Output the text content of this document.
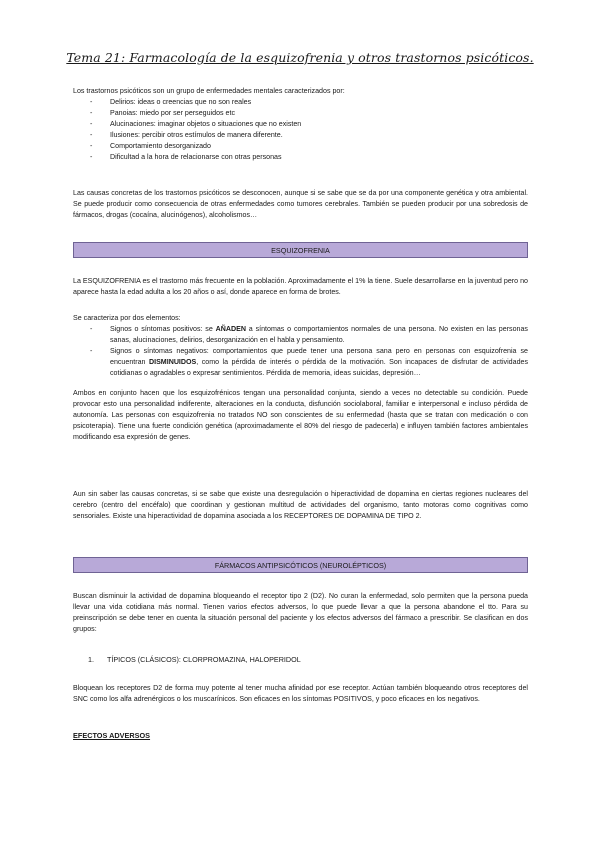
Tema 21: Farmacología de la esquizofrenia y otros trastornos psicóticos.
Los trastornos psicóticos son un grupo de enfermedades mentales caracterizados por:
- Delirios: ideas o creencias que no son reales
- Panoias: miedo por ser perseguidos etc
- Alucinaciones: imaginar objetos o situaciones que no existen
- Ilusiones: percibir otros estímulos de manera diferente.
- Comportamiento desorganizado
- Dificultad a la hora de relacionarse con otras personas
Las causas concretas de los trastornos psicóticos se desconocen, aunque si se sabe que se da por una componente genética y otra ambiental. Se puede producir como consecuencia de otras enfermedades como tumores cerebrales. También se pueden producir por una sobredosis de fármacos, drogas (cocaína, alucinógenos), alcoholismos…
ESQUIZOFRENIA
La ESQUIZOFRENIA es el trastorno más frecuente en la población. Aproximadamente el 1% la tiene. Suele desarrollarse en la juventud pero no aparece hasta la edad adulta a los 20 años o así, donde aparece en forma de brotes.
Se caracteriza por dos elementos:
- Signos o síntomas positivos: se AÑADEN a síntomas o comportamientos normales de una persona. No existen en las personas sanas, alucinaciones, delirios, desorganización en el habla y pensamiento.
- Signos o síntomas negativos: comportamientos que puede tener una persona sana pero en personas con esquizofrenia se encuentran DISMINUIDOS, como la pérdida de interés o pérdida de la motivación. Son incapaces de disfrutar de actividades cotidianas o agradables o expresar sentimientos. Pérdida de memoria, ideas suicidas, depresión…
Ambos en conjunto hacen que los esquizofrénicos tengan una personalidad conjunta, siendo a veces no detectable su condición. Puede provocar esto una personalidad indiferente, alteraciones en la conducta, disfunción sociolaboral, familiar e interpersonal e incluso pérdida de autonomía. Las personas con esquizofrenia no tratados NO son conscientes de su enfermedad (hasta que se tratan con medicación o con psicoterapia). Tiene una fuerte condición genética (aproximadamente el 80% del riesgo de padecerla) e influyen también factores ambientales modificando esa expresión de genes.
Aun sin saber las causas concretas, si se sabe que existe una desregulación o hiperactividad de dopamina en ciertas regiones nucleares del cerebro (centro del encéfalo) que coordinan y gestionan multitud de actividades del organismo, tanto motoras como cognitivas como sensoriales. Existe una hiperactividad de dopamina asociada a los RECEPTORES DE DOPAMINA DE TIPO 2.
FÁRMACOS ANTIPSICÓTICOS (NEUROLÉPTICOS)
Buscan disminuir la actividad de dopamina bloqueando el receptor tipo 2 (D2). No curan la enfermedad, solo permiten que la persona pueda llevar una vida cotidiana más normal. Tienen varios efectos adversos, lo que puede llevar a que la persona abandone el tto. Para su preinscripción se debe tener en cuenta la situación personal del paciente y los efectos adversos del fármaco a prescribir. Se clasifican en dos grupos:
1. TÍPICOS (CLÁSICOS): CLORPROMAZINA, HALOPERIDOL
Bloquean los receptores D2 de forma muy potente al tener mucha afinidad por ese receptor. Actúan también bloqueando otros receptores del SNC como los alfa adrenérgicos o los muscarínicos. Son eficaces en los síntomas POSITIVOS, y poco eficaces en los negativos.
EFECTOS ADVERSOS
